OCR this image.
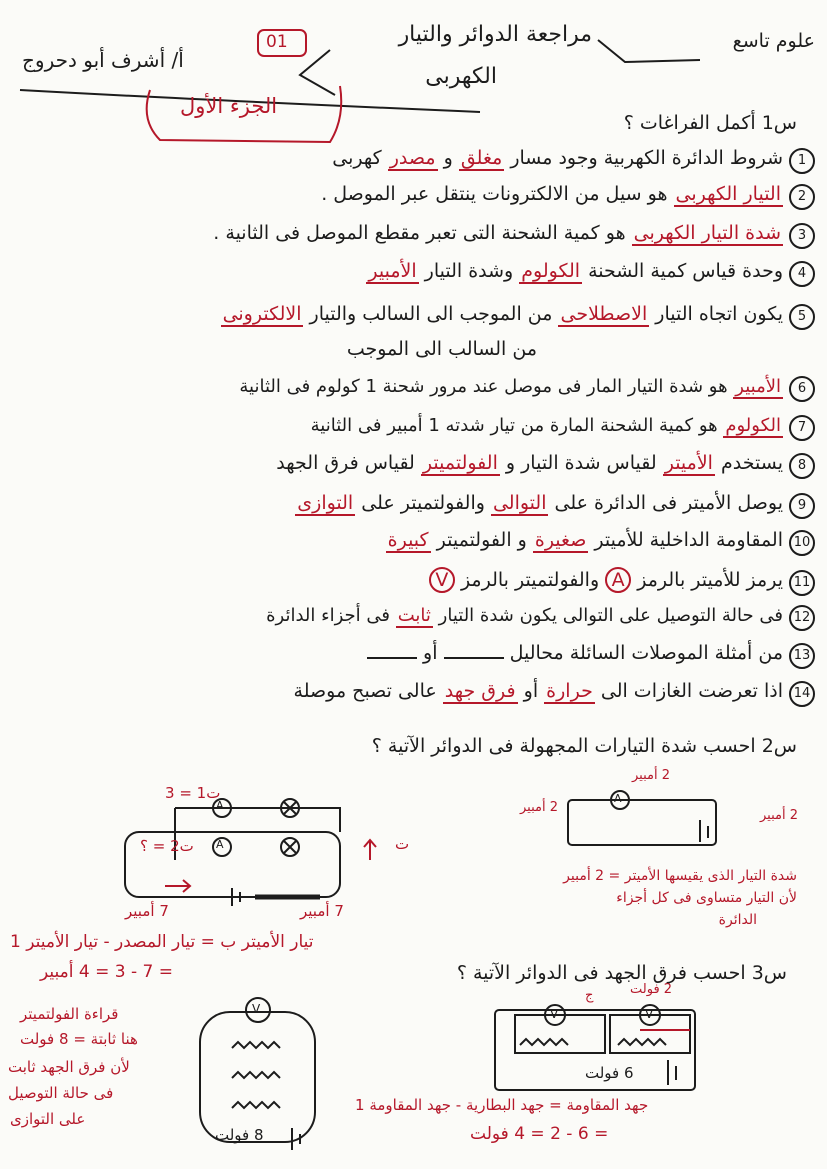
علوم تاسع
مراجعة الدوائر والتيار
الكهربى
01
أ/ أشرف أبو دحروج
الجزء الأول
س1 أكمل الفراغات ؟
1شروط الدائرة الكهربية وجود مسار مغلق و مصدر كهربى
2التيار الكهربى هو سيل من الالكترونات ينتقل عبر الموصل .
3شدة التيار الكهربى هو كمية الشحنة التى تعبر مقطع الموصل فى الثانية .
4وحدة قياس كمية الشحنة الكولوم وشدة التيار الأمبير
5يكون اتجاه التيار الاصطلاحى من الموجب الى السالب والتيار الالكترونى
من السالب الى الموجب
6الأمبير هو شدة التيار المار فى موصل عند مرور شحنة 1 كولوم فى الثانية
7الكولوم هو كمية الشحنة المارة من تيار شدته 1 أمبير فى الثانية
8يستخدم الأميتر لقياس شدة التيار و الفولتميتر لقياس فرق الجهد
9يوصل الأميتر فى الدائرة على التوالى والفولتميتر على التوازى
10المقاومة الداخلية للأميتر صغيرة و الفولتميتر كبيرة
11يرمز للأميتر بالرمز A والفولتميتر بالرمز V
12فى حالة التوصيل على التوالى يكون شدة التيار ثابت فى أجزاء الدائرة
13من أمثلة الموصلات السائلة محاليل  أو
14اذا تعرضت الغازات الى حرارة أو فرق جهد عالى تصبح موصلة
س2 احسب شدة التيارات المجهولة فى الدوائر الآتية ؟
ت1 = 3
ت2 = ؟	ت
7 أمبير	7 أمبير
A
A
تيار الأميتر ب = تيار المصدر - تيار الأميتر 1
= 7 - 3 = 4 أمبير
A
2 أمبير
2 أمبير
2 أمبير
شدة التيار الذى يقيسها الأميتر = 2 أمبير
لأن التيار متساوى فى كل أجزاء
الدائرة
س3 احسب فرق الجهد فى الدوائر الآتية ؟
V
8 فولت
قراءة الفولتميتر
هنا ثابتة = 8 فولت
لأن فرق الجهد ثابت
فى حالة التوصيل
على التوازى
V	V
ج	2 فولت
6 فولت
جهد المقاومة = جهد البطارية - جهد المقاومة 1
= 6 - 2 = 4 فولت
